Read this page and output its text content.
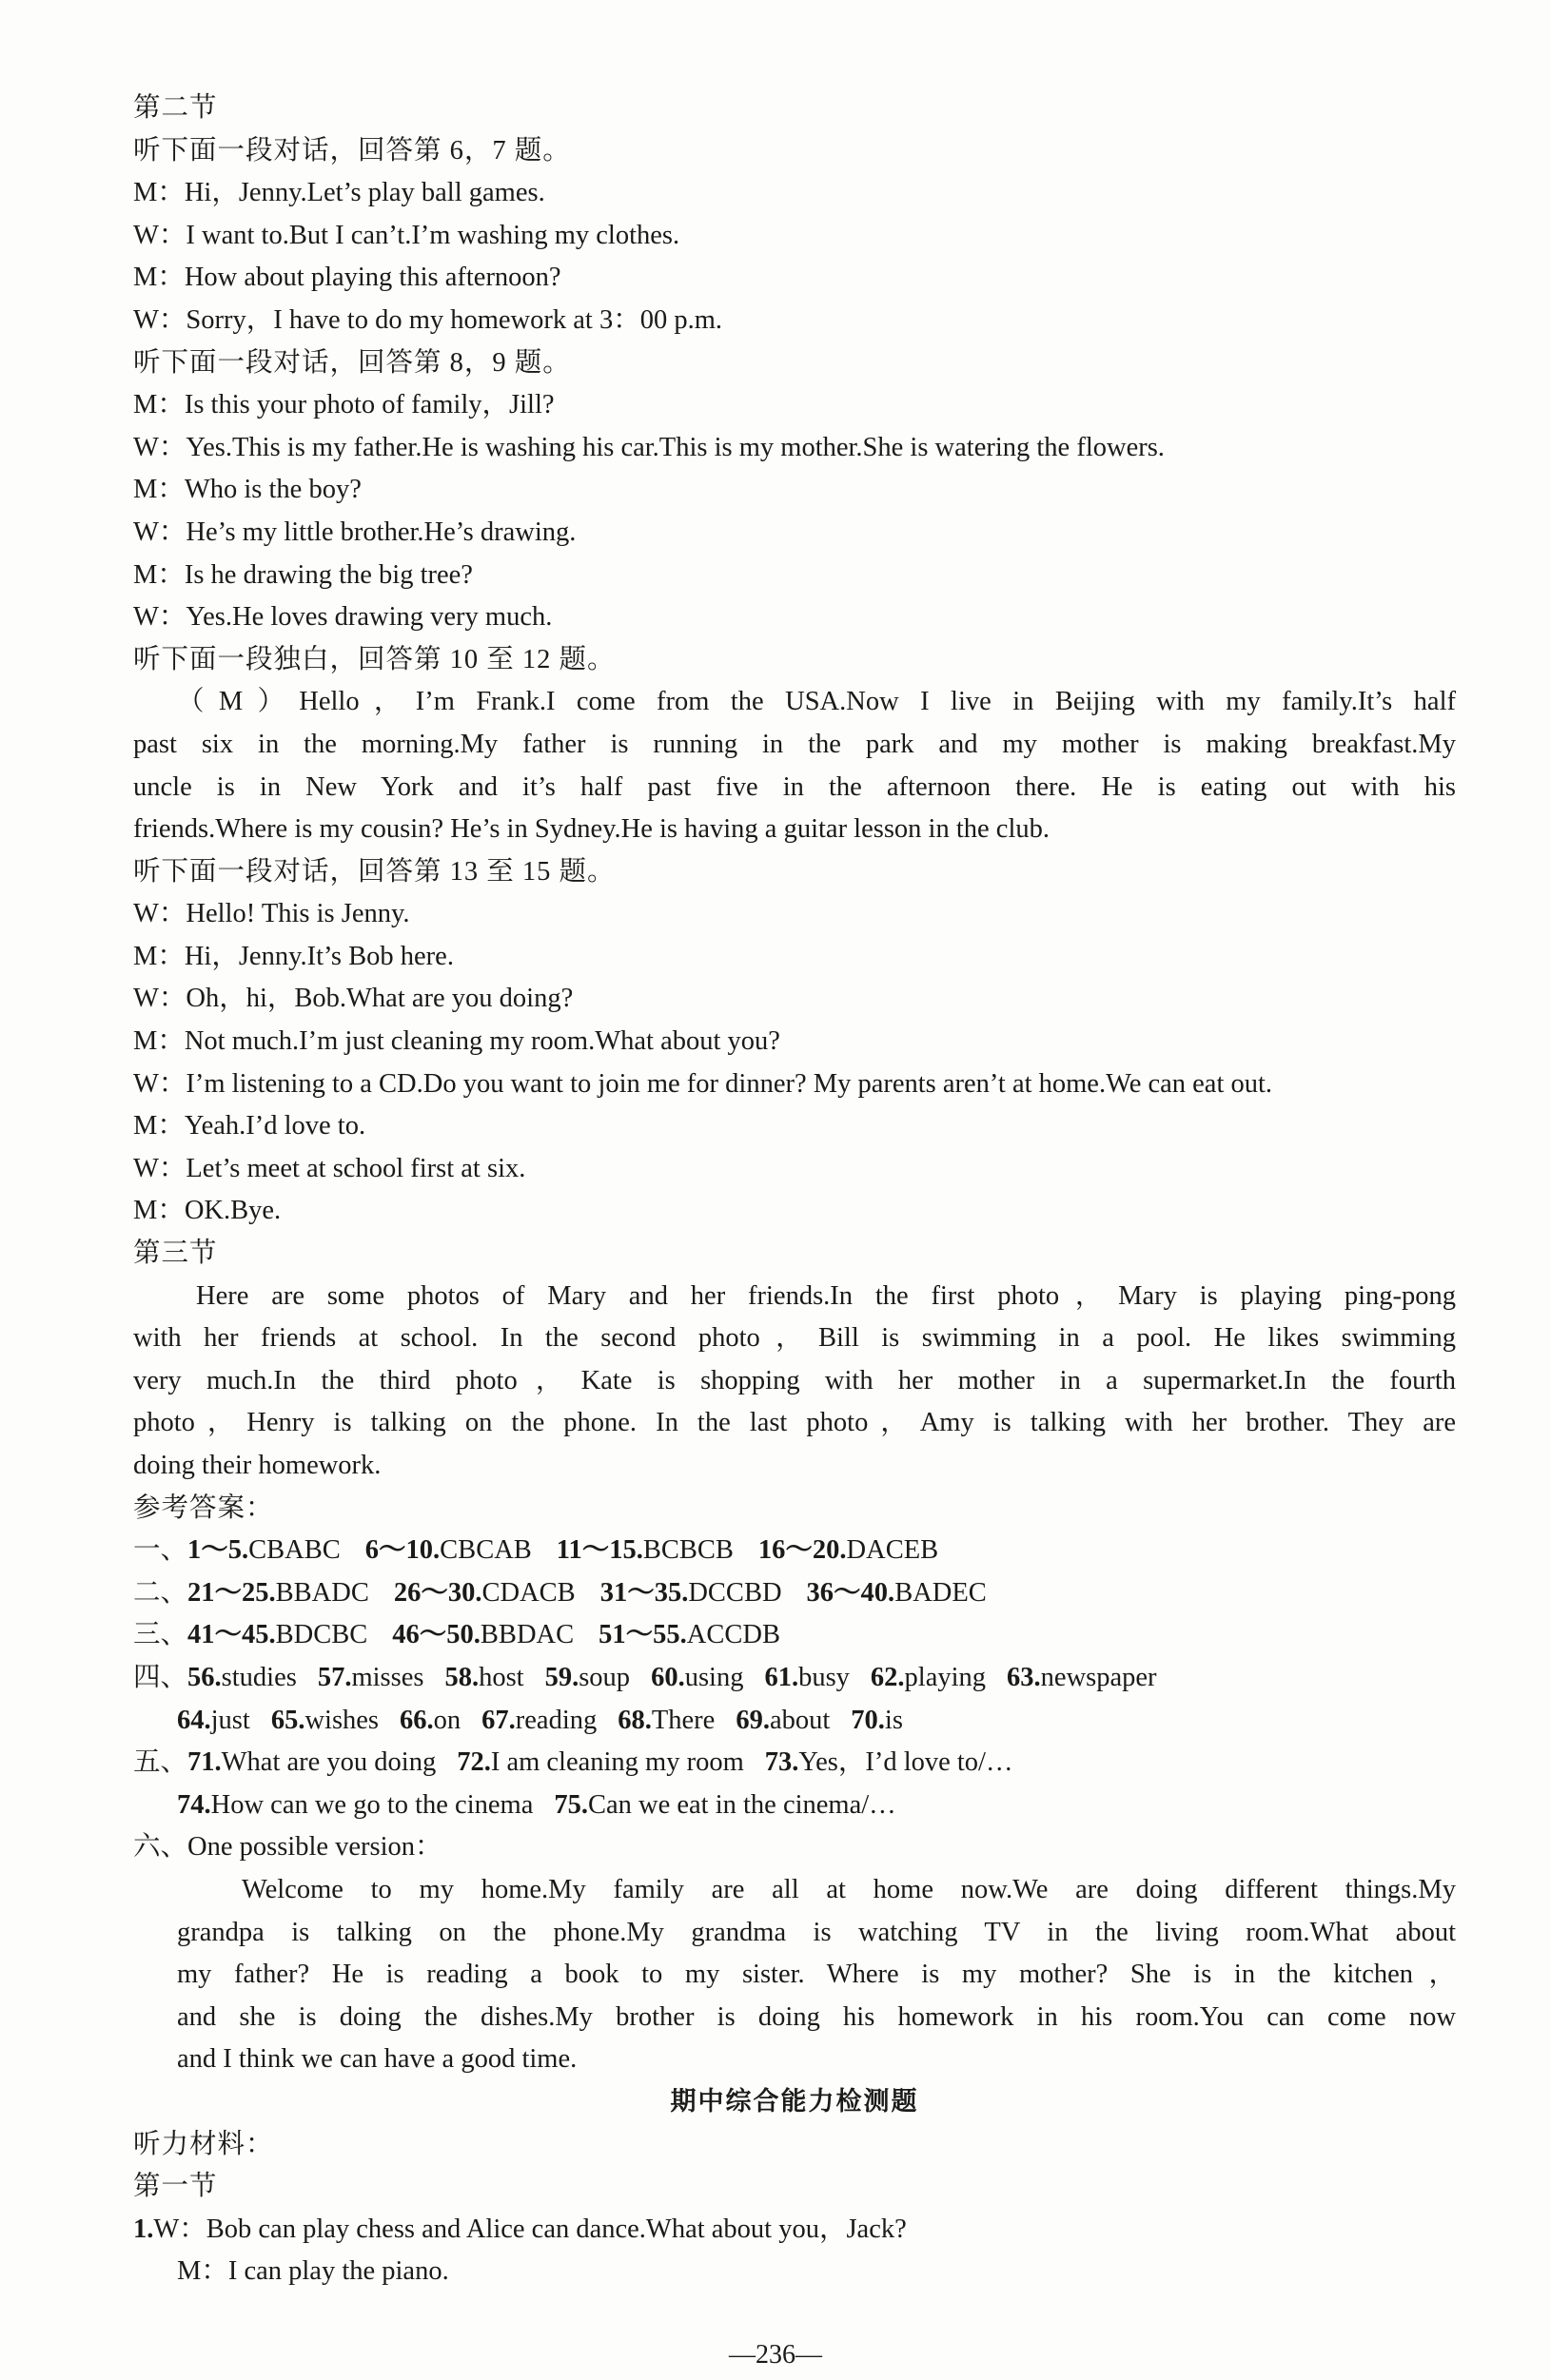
第二节
听下面一段对话，回答第 6，7 题。
M：Hi，Jenny.Let’s play ball games.
W：I want to.But I can’t.I’m washing my clothes.
M：How about playing this afternoon?
W：Sorry，I have to do my homework at 3：00 p.m.
听下面一段对话，回答第 8，9 题。
M：Is this your photo of family，Jill?
W：Yes.This is my father.He is washing his car.This is my mother.She is watering the flowers.
M：Who is the boy?
W：He’s my little brother.He’s drawing.
M：Is he drawing the big tree?
W：Yes.He loves drawing very much.
听下面一段独白，回答第 10 至 12 题。
（M）Hello，I’m Frank.I come from the USA.Now I live in Beijing with my family.It’s half
past six in the morning.My father is running in the park and my mother is making breakfast.My
uncle is in New York and it’s half past five in the afternoon there. He is eating out with his
friends.Where is my cousin? He’s in Sydney.He is having a guitar lesson in the club.
听下面一段对话，回答第 13 至 15 题。
W：Hello! This is Jenny.
M：Hi，Jenny.It’s Bob here.
W：Oh，hi，Bob.What are you doing?
M：Not much.I’m just cleaning my room.What about you?
W：I’m listening to a CD.Do you want to join me for dinner? My parents aren’t at home.We can eat out.
M：Yeah.I’d love to.
W：Let’s meet at school first at six.
M：OK.Bye.
第三节
Here are some photos of Mary and her friends.In the first photo，Mary is playing ping-pong
with her friends at school. In the second photo，Bill is swimming in a pool. He likes swimming
very much.In the third photo，Kate is shopping with her mother in a supermarket.In the fourth
photo，Henry is talking on the phone. In the last photo，Amy is talking with her brother. They are
doing their homework.
参考答案：
一、1～5.CBABC 6～10.CBCAB 11～15.BCBCB 16～20.DACEB
二、21～25.BBADC 26～30.CDACB 31～35.DCCBD 36～40.BADEC
三、41～45.BDCBC 46～50.BBDAC 51～55.ACCDB
四、56.studies 57.misses 58.host 59.soup 60.using 61.busy 62.playing 63.newspaper
64.just 65.wishes 66.on 67.reading 68.There 69.about 70.is
五、71.What are you doing 72.I am cleaning my room 73.Yes，I’d love to/…
74.How can we go to the cinema 75.Can we eat in the cinema/…
六、One possible version：
Welcome to my home.My family are all at home now.We are doing different things.My
grandpa is talking on the phone.My grandma is watching TV in the living room.What about
my father? He is reading a book to my sister. Where is my mother? She is in the kitchen，
and she is doing the dishes.My brother is doing his homework in his room.You can come now
and I think we can have a good time.
期中综合能力检测题
听力材料：
第一节
1.W：Bob can play chess and Alice can dance.What about you，Jack?
M：I can play the piano.
—236—
